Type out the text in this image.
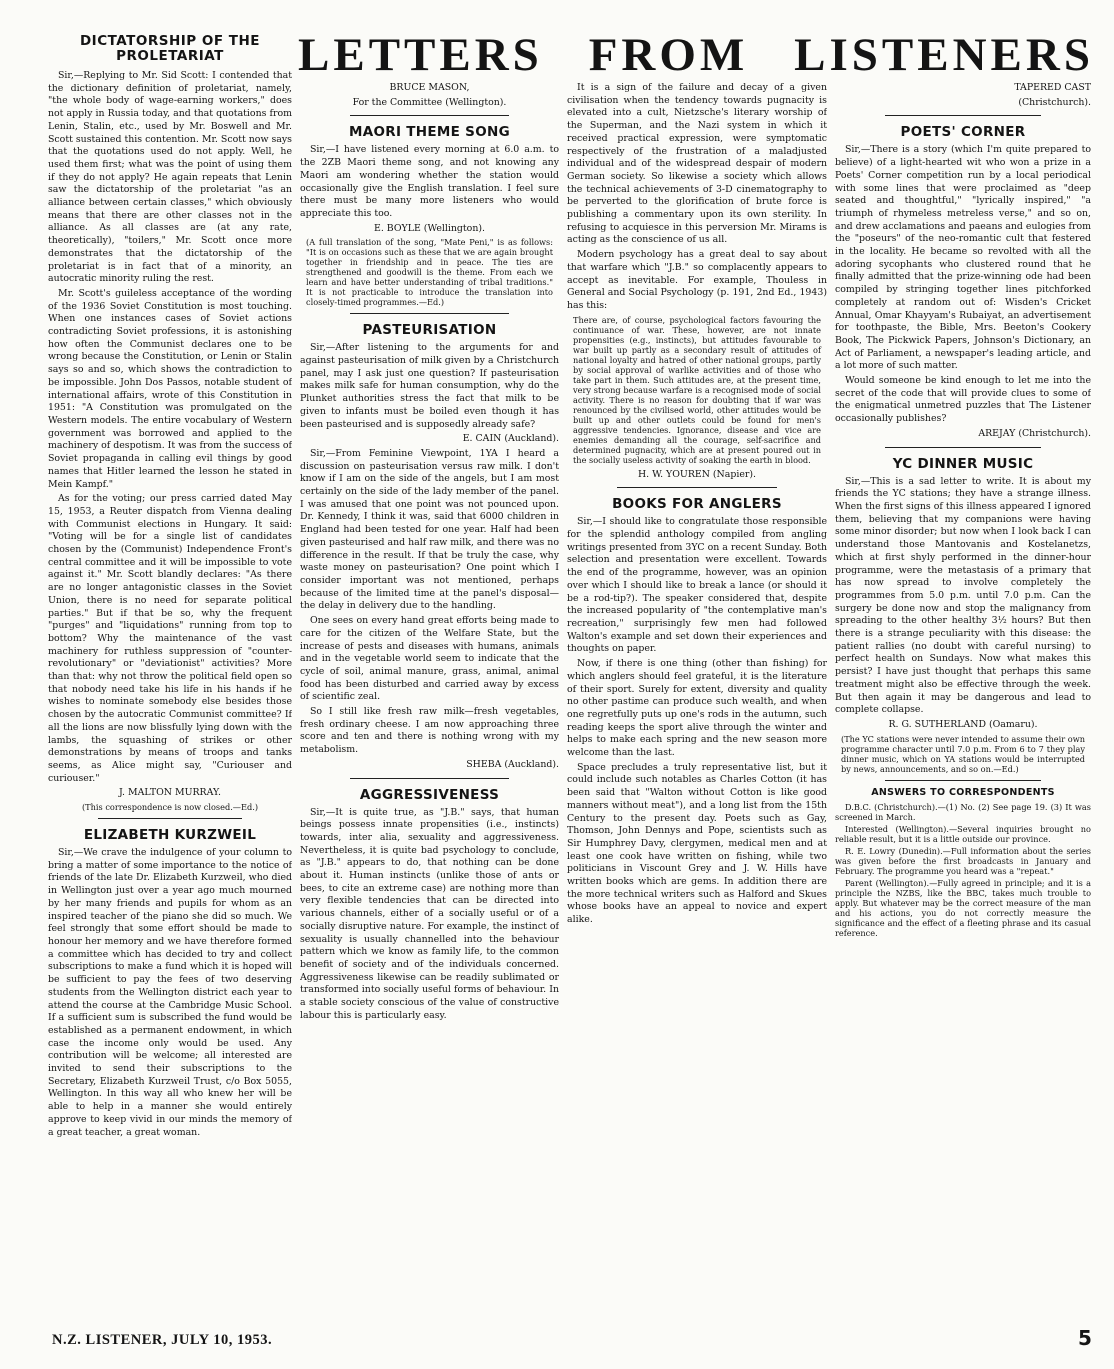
DICTATORSHIP OF THE PROLETARIAT	LETTERS FROM LISTENERS

Sir,—Replying to Mr. Sid Scott: I contended that the dictionary definition of proletariat, namely, "the whole body of wage-earning workers," does not apply in Russia today, and that quotations from Lenin, Stalin, etc., used by Mr. Boswell and Mr. Scott sustained this contention. Mr. Scott now says that the quotations used do not apply. Well, he used them first; what was the point of using them if they do not apply? He again repeats that Lenin saw the dictatorship of the proletariat "as an alliance between certain classes," which obviously means that there are other classes not in the alliance. As all classes are (at any rate, theoretically), "toilers," Mr. Scott once more demonstrates that the dictatorship of the proletariat is in fact that of a minority, an autocratic minority ruling the rest.

Mr. Scott's guileless acceptance of the wording of the 1936 Soviet Constitution is most touching. When one instances cases of Soviet actions contradicting Soviet professions, it is astonishing how often the Communist declares one to be wrong because the Constitution, or Lenin or Stalin says so and so, which shows the contradiction to be impossible. John Dos Passos, notable student of international affairs, wrote of this Constitution in 1951: "A Constitution was promulgated on the Western models. The entire vocabulary of Western government was borrowed and applied to the machinery of despotism. It was from the success of Soviet propaganda in calling evil things by good names that Hitler learned the lesson he stated in Mein Kampf."

As for the voting; our press carried dated May 15, 1953, a Reuter dispatch from Vienna dealing with Communist elections in Hungary. It said: "Voting will be for a single list of candidates chosen by the (Communist) Independence Front's central committee and it will be impossible to vote against it." Mr. Scott blandly declares: "As there are no longer antagonistic classes in the Soviet Union, there is no need for separate political parties." But if that be so, why the frequent "purges" and "liquidations" running from top to bottom? Why the maintenance of the vast machinery for ruthless suppression of "counter-revolutionary" or "deviationist" activities? More than that: why not throw the political field open so that nobody need take his life in his hands if he wishes to nominate somebody else besides those chosen by the autocratic Communist committee? If all the lions are now blissfully lying down with the lambs, the squashing of strikes or other demonstrations by means of troops and tanks seems, as Alice might say, "Curiouser and curiouser."

J. MALTON MURRAY.
(This correspondence is now closed.—Ed.)
ELIZABETH KURZWEIL

Sir,—We crave the indulgence of your column to bring a matter of some importance to the notice of friends of the late Dr. Elizabeth Kurzweil, who died in Wellington just over a year ago much mourned by her many friends and pupils for whom as an inspired teacher of the piano she did so much. We feel strongly that some effort should be made to honour her memory and we have therefore formed a committee which has decided to try and collect subscriptions to make a fund which it is hoped will be sufficient to pay the fees of two deserving students from the Wellington district each year to attend the course at the Cambridge Music School. If a sufficient sum is subscribed the fund would be established as a permanent endowment, in which case the income only would be used. Any contribution will be welcome; all interested are invited to send their subscriptions to the Secretary, Elizabeth Kurzweil Trust, c/o Box 5055, Wellington. In this way all who knew her will be able to help in a manner she would entirely approve to keep vivid in our minds the memory of a great teacher, a great woman.

BRUCE MASON,
For the Committee (Wellington).
MAORI THEME SONG

Sir,—I have listened every morning at 6.0 a.m. to the 2ZB Maori theme song, and not knowing any Maori am wondering whether the station would occasionally give the English translation. I feel sure there must be many more listeners who would appreciate this too.

E. BOYLE (Wellington).
(A full translation of the song, "Mate Peni," is as follows: "It is on occasions such as these that we are again brought together in friendship and in peace. The ties are strengthened and goodwill is the theme. From each we learn and have better understanding of tribal traditions." It is not practicable to introduce the translation into closely-timed programmes.—Ed.)
PASTEURISATION

Sir,—After listening to the arguments for and against pasteurisation of milk given by a Christchurch panel, may I ask just one question? If pasteurisation makes milk safe for human consumption, why do the Plunket authorities stress the fact that milk to be given to infants must be boiled even though it has been pasteurised and is supposedly already safe?

E. CAIN (Auckland).

Sir,—From Feminine Viewpoint, 1YA I heard a discussion on pasteurisation versus raw milk. I don't know if I am on the side of the angels, but I am most certainly on the side of the lady member of the panel. I was amused that one point was not pounced upon. Dr. Kennedy, I think it was, said that 6000 children in England had been tested for one year. Half had been given pasteurised and half raw milk, and there was no difference in the result. If that be truly the case, why waste money on pasteurisation? One point which I consider important was not mentioned, perhaps because of the limited time at the panel's disposal—the delay in delivery due to the handling.

One sees on every hand great efforts being made to care for the citizen of the Welfare State, but the increase of pests and diseases with humans, animals and in the vegetable world seem to indicate that the cycle of soil, animal manure, grass, animal, animal food has been disturbed and carried away by excess of scientific zeal.

So I still like fresh raw milk—fresh vegetables, fresh ordinary cheese. I am now approaching three score and ten and there is nothing wrong with my metabolism.

SHEBA (Auckland).
AGGRESSIVENESS

Sir,—It is quite true, as "J.B." says, that human beings possess innate propensities (i.e., instincts) towards, inter alia, sexuality and aggressiveness. Nevertheless, it is quite bad psychology to conclude, as "J.B." appears to do, that nothing can be done about it. Human instincts (unlike those of ants or bees, to cite an extreme case) are nothing more than very flexible tendencies that can be directed into various channels, either of a socially useful or of a socially disruptive nature. For example, the instinct of sexuality is usually channelled into the behaviour pattern which we know as family life, to the common benefit of society and of the individuals concerned. Aggressiveness likewise can be readily sublimated or transformed into socially useful forms of behaviour. In a stable society conscious of the value of constructive labour this is particularly easy.

It is a sign of the failure and decay of a given civilisation when the tendency towards pugnacity is elevated into a cult, Nietzsche's literary worship of the Superman, and the Nazi system in which it received practical expression, were symptomatic respectively of the frustration of a maladjusted individual and of the widespread despair of modern German society. So likewise a society which allows the technical achievements of 3-D cinematography to be perverted to the glorification of brute force is publishing a commentary upon its own sterility. In refusing to acquiesce in this perversion Mr. Mirams is acting as the conscience of us all.

Modern psychology has a great deal to say about that warfare which "J.B." so complacently appears to accept as inevitable. For example, Thouless in General and Social Psychology (p. 191, 2nd Ed., 1943) has this:

There are, of course, psychological factors favouring the continuance of war. These, however, are not innate propensities (e.g., instincts), but attitudes favourable to war built up partly as a secondary result of attitudes of national loyalty and hatred of other national groups, partly by social approval of warlike activities and of those who take part in them. Such attitudes are, at the present time, very strong because warfare is a recognised mode of social activity. There is no reason for doubting that if war was renounced by the civilised world, other attitudes would be built up and other outlets could be found for men's aggressive tendencies. Ignorance, disease and vice are enemies demanding all the courage, self-sacrifice and determined pugnacity, which are at present poured out in the socially useless activity of soaking the earth in blood.
H. W. YOUREN (Napier).
BOOKS FOR ANGLERS

Sir,—I should like to congratulate those responsible for the splendid anthology compiled from angling writings presented from 3YC on a recent Sunday. Both selection and presentation were excellent. Towards the end of the programme, however, was an opinion over which I should like to break a lance (or should it be a rod-tip?). The speaker considered that, despite the increased popularity of "the contemplative man's recreation," surprisingly few men had followed Walton's example and set down their experiences and thoughts on paper.

Now, if there is one thing (other than fishing) for which anglers should feel grateful, it is the literature of their sport. Surely for extent, diversity and quality no other pastime can produce such wealth, and when one regretfully puts up one's rods in the autumn, such reading keeps the sport alive through the winter and helps to make each spring and the new season more welcome than the last.

Space precludes a truly representative list, but it could include such notables as Charles Cotton (it has been said that "Walton without Cotton is like good manners without meat"), and a long list from the 15th Century to the present day. Poets such as Gay, Thomson, John Dennys and Pope, scientists such as Sir Humphrey Davy, clergymen, medical men and at least one cook have written on fishing, while two politicians in Viscount Grey and J. W. Hills have written books which are gems. In addition there are the more technical writers such as Halford and Skues whose books have an appeal to novice and expert alike.

TAPERED CAST
(Christchurch).
POETS' CORNER

Sir,—There is a story (which I'm quite prepared to believe) of a light-hearted wit who won a prize in a Poets' Corner competition run by a local periodical with some lines that were proclaimed as "deep seated and thoughtful," "lyrically inspired," "a triumph of rhymeless metreless verse," and so on, and drew acclamations and paeans and eulogies from the "poseurs" of the neo-romantic cult that festered in the locality. He became so revolted with all the adoring sycophants who clustered round that he finally admitted that the prize-winning ode had been compiled by stringing together lines pitchforked completely at random out of: Wisden's Cricket Annual, Omar Khayyam's Rubaiyat, an advertisement for toothpaste, the Bible, Mrs. Beeton's Cookery Book, The Pickwick Papers, Johnson's Dictionary, an Act of Parliament, a newspaper's leading article, and a lot more of such matter.

Would someone be kind enough to let me into the secret of the code that will provide clues to some of the enigmatical unmetred puzzles that The Listener occasionally publishes?

AREJAY (Christchurch).
YC DINNER MUSIC

Sir,—This is a sad letter to write. It is about my friends the YC stations; they have a strange illness. When the first signs of this illness appeared I ignored them, believing that my companions were having some minor disorder; but now when I look back I can understand those Mantovanis and Kostelanetzs, which at first shyly performed in the dinner-hour programme, were the metastasis of a primary that has now spread to involve completely the programmes from 5.0 p.m. until 7.0 p.m. Can the surgery be done now and stop the malignancy from spreading to the other healthy 3½ hours? But then there is a strange peculiarity with this disease: the patient rallies (no doubt with careful nursing) to perfect health on Sundays. Now what makes this persist? I have just thought that perhaps this same treatment might also be effective through the week. But then again it may be dangerous and lead to complete collapse.

R. G. SUTHERLAND (Oamaru).
(The YC stations were never intended to assume their own programme character until 7.0 p.m. From 6 to 7 they play dinner music, which on YA stations would be interrupted by news, announcements, and so on.—Ed.)
ANSWERS TO CORRESPONDENTS

D.B.C. (Christchurch).—(1) No. (2) See page 19. (3) It was screened in March.

Interested (Wellington).—Several inquiries brought no reliable result, but it is a little outside our province.

R. E. Lowry (Dunedin).—Full information about the series was given before the first broadcasts in January and February. The programme you heard was a "repeat."

Parent (Wellington).—Fully agreed in principle; and it is a principle the NZBS, like the BBC, takes much trouble to apply. But whatever may be the correct measure of the man and his actions, you do not correctly measure the significance and the effect of a fleeting phrase and its casual reference.

N.Z. LISTENER, JULY 10, 1953.	5
